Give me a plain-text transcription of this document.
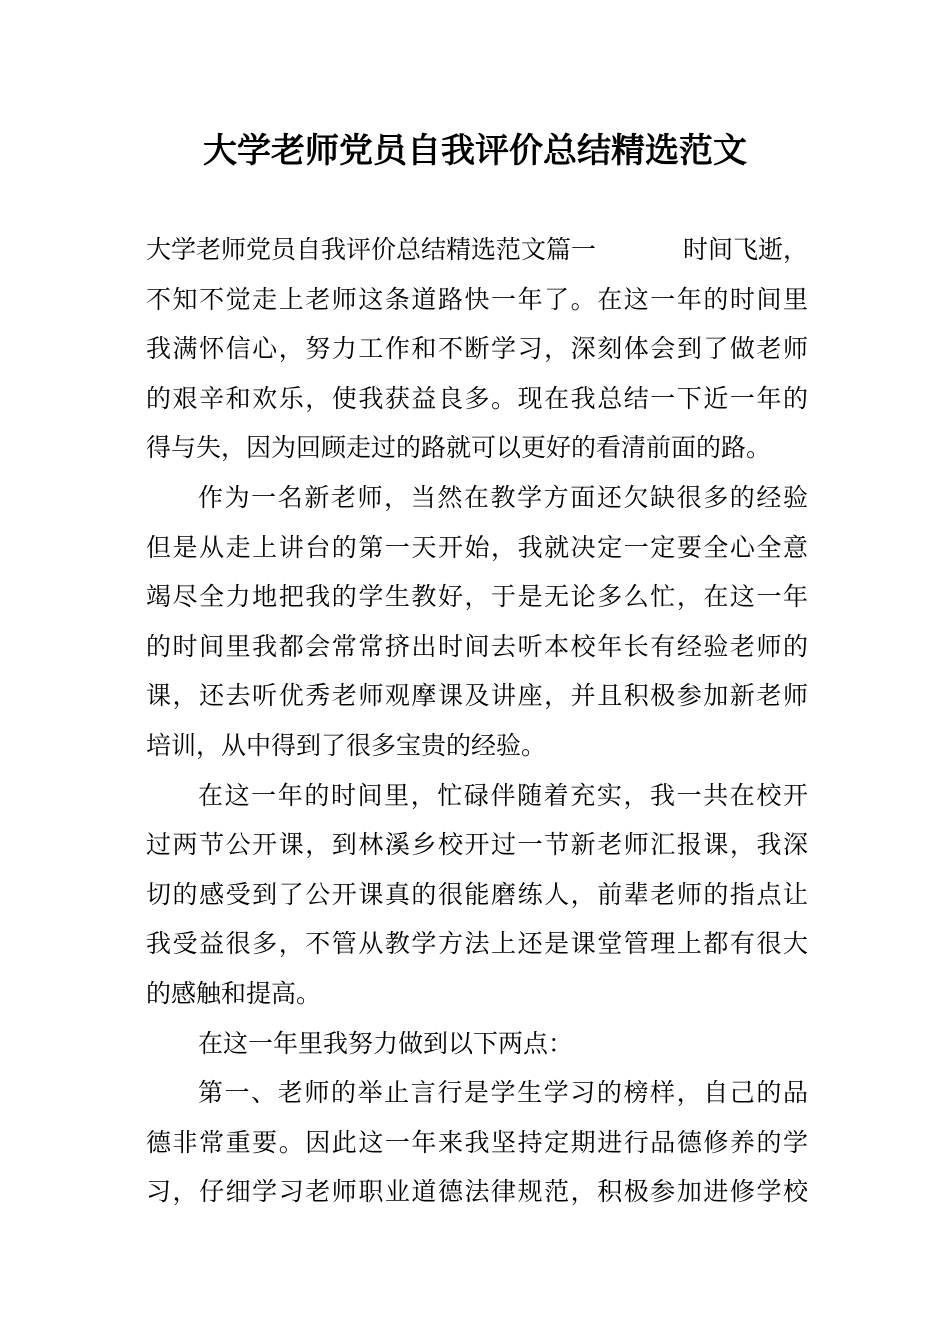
大学老师党员自我评价总结精选范文
大学老师党员自我评价总结精选范文篇一	时间飞逝，
不知不觉走上老师这条道路快一年了。在这一年的时间里
我满怀信心，努力工作和不断学习，深刻体会到了做老师
的艰辛和欢乐，使我获益良多。现在我总结一下近一年的
得与失，因为回顾走过的路就可以更好的看清前面的路。
作为一名新老师，当然在教学方面还欠缺很多的经验
但是从走上讲台的第一天开始，我就决定一定要全心全意
竭尽全力地把我的学生教好，于是无论多么忙，在这一年
的时间里我都会常常挤出时间去听本校年长有经验老师的
课，还去听优秀老师观摩课及讲座，并且积极参加新老师
培训，从中得到了很多宝贵的经验。
在这一年的时间里，忙碌伴随着充实，我一共在校开
过两节公开课，到林溪乡校开过一节新老师汇报课，我深
切的感受到了公开课真的很能磨练人，前辈老师的指点让
我受益很多，不管从教学方法上还是课堂管理上都有很大
的感触和提高。
在这一年里我努力做到以下两点：
第一、老师的举止言行是学生学习的榜样，自己的品
德非常重要。因此这一年来我坚持定期进行品德修养的学
习，仔细学习老师职业道德法律规范，积极参加进修学校
